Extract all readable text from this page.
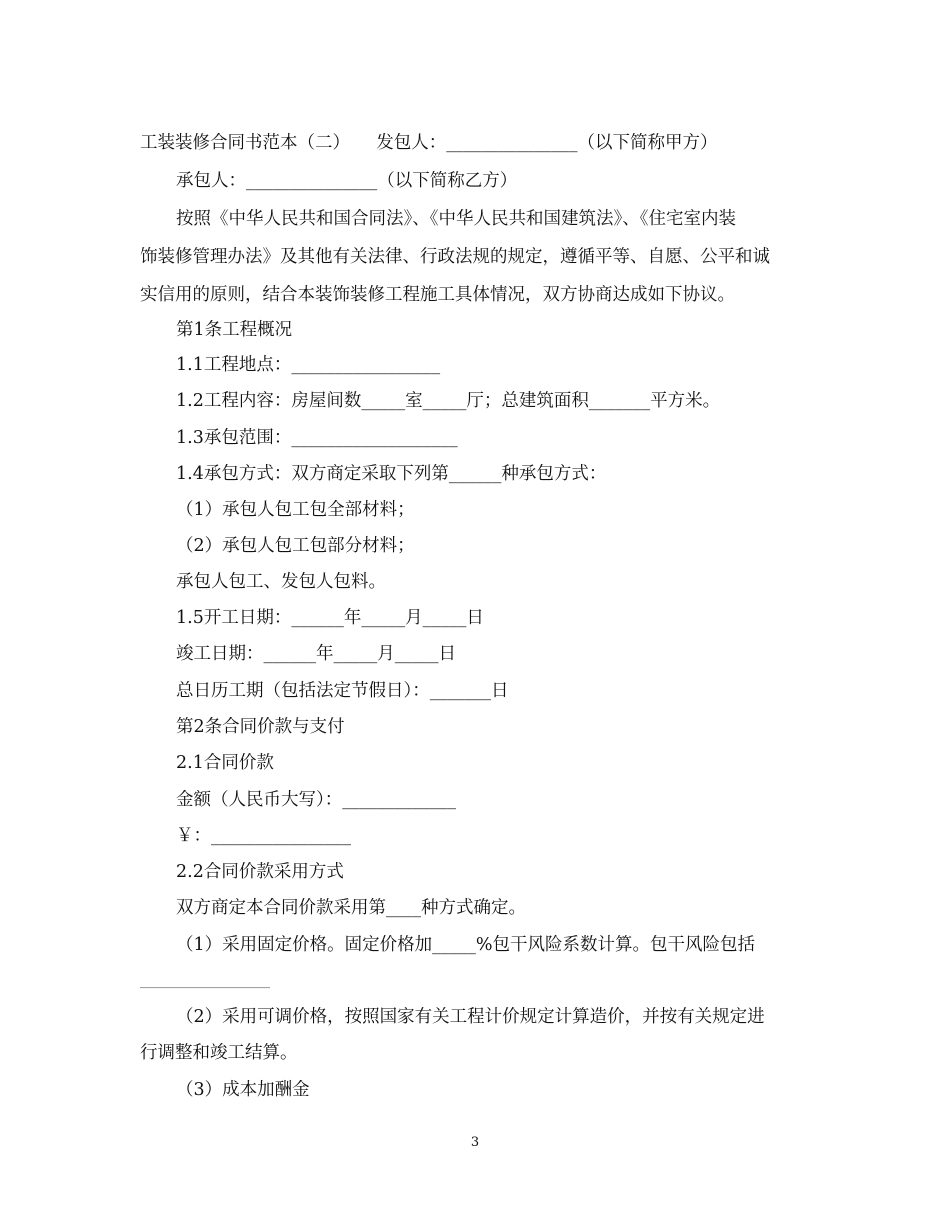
工装装修合同书范本（二）　　发包人：_______________（以下简称甲方）
承包人：_______________（以下简称乙方）
按照《中华人民共和国合同法》、《中华人民共和国建筑法》、《住宅室内装
饰装修管理办法》及其他有关法律、行政法规的规定，遵循平等、自愿、公平和诚
实信用的原则，结合本装饰装修工程施工具体情况，双方协商达成如下协议。
第1条工程概况
1.1工程地点：_________________
1.2工程内容：房屋间数_____室_____厅；总建筑面积_______平方米。
1.3承包范围：___________________
1.4承包方式：双方商定采取下列第______种承包方式：
（1）承包人包工包全部材料；
（2）承包人包工包部分材料；
承包人包工、发包人包料。
1.5开工日期：______年_____月_____日
竣工日期：______年_____月_____日
总日历工期（包括法定节假日）：_______日
第2条合同价款与支付
2.1合同价款
金额（人民币大写）：_____________
￥：________________
2.2合同价款采用方式
双方商定本合同价款采用第____种方式确定。
（1）采用固定价格。固定价格加_____%包干风险系数计算。包干风险包括
____________________
（2）采用可调价格，按照国家有关工程计价规定计算造价，并按有关规定进
行调整和竣工结算。
（3）成本加酬金
3
